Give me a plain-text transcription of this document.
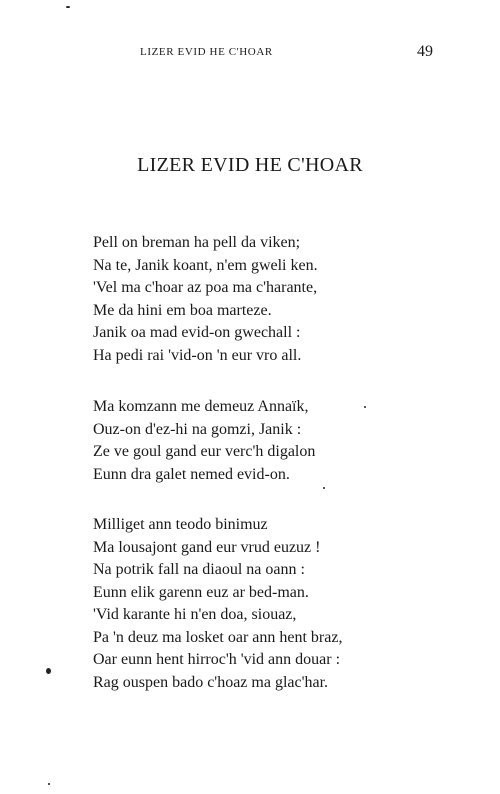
LIZER EVID HE C'HOAR	49
LIZER EVID HE C'HOAR
Pell on breman ha pell da viken;
Na te, Janik koant, n'em gweli ken.
'Vel ma c'hoar az poa ma c'harante,
Me da hini em boa marteze.
Janik oa mad evid-on gwechall :
Ha pedi rai 'vid-on 'n eur vro all.
Ma komzann me demeuz Annaïk,
Ouz-on d'ez-hi na gomzi, Janik :
Ze ve goul gand eur verc'h digalon
Eunn dra galet nemed evid-on.
Milliget ann teodo binimuz
Ma lousajont gand eur vrud euzuz !
Na potrik fall na diaoul na oann :
Eunn elik garenn euz ar bed-man.
'Vid karante hi n'en doa, siouaz,
Pa 'n deuz ma losket oar ann hent braz,
Oar eunn hent hirroc'h 'vid ann douar :
Rag ouspen bado c'hoaz ma glac'har.
